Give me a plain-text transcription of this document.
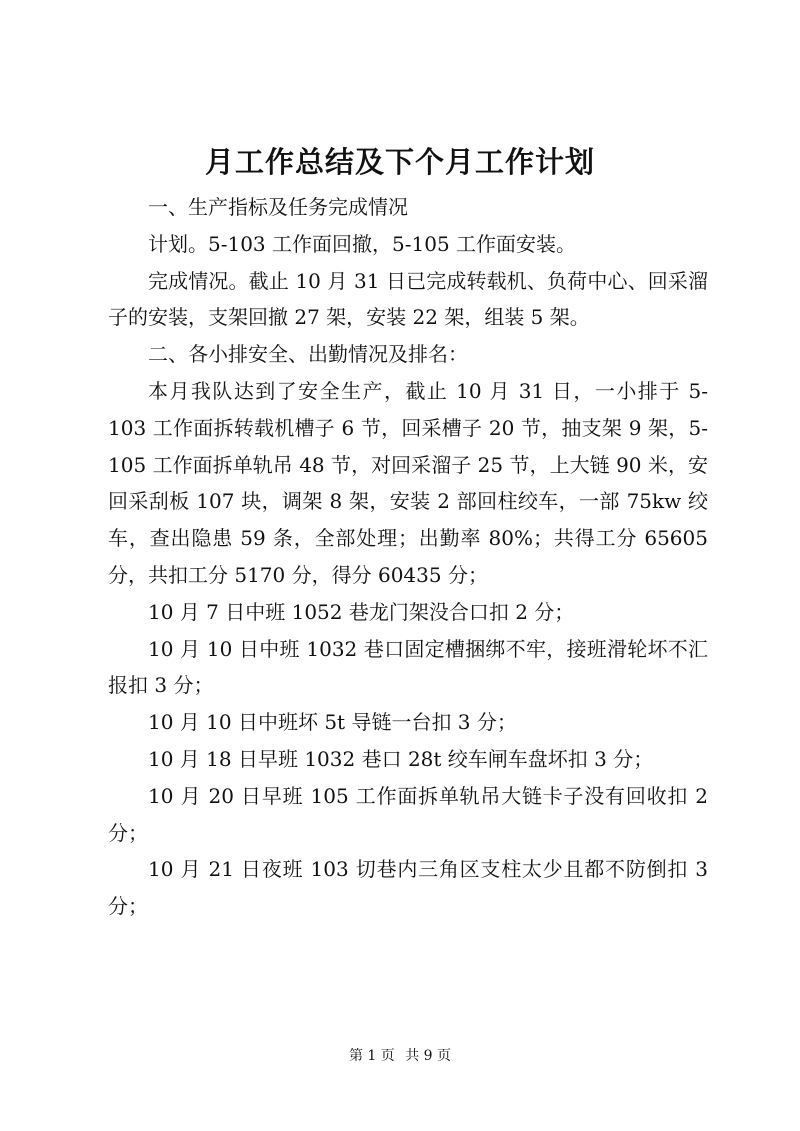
月工作总结及下个月工作计划

一、生产指标及任务完成情况

计划。5-103 工作面回撤，5-105 工作面安装。

完成情况。截止 10 月 31 日已完成转载机、负荷中心、回采溜子的安装，支架回撤 27 架，安装 22 架，组装 5 架。

二、各小排安全、出勤情况及排名：

本月我队达到了安全生产，截止 10 月 31 日，一小排于 5-103 工作面拆转载机槽子 6 节，回采槽子 20 节，抽支架 9 架，5-105 工作面拆单轨吊 48 节，对回采溜子 25 节，上大链 90 米，安回采刮板 107 块，调架 8 架，安装 2 部回柱绞车，一部 75kw 绞车，查出隐患 59 条，全部处理；出勤率 80%；共得工分 65605 分，共扣工分 5170 分，得分 60435 分；

10 月 7 日中班 1052 巷龙门架没合口扣 2 分；

10 月 10 日中班 1032 巷口固定槽捆绑不牢，接班滑轮坏不汇报扣 3 分；

10 月 10 日中班坏 5t 导链一台扣 3 分；

10 月 18 日早班 1032 巷口 28t 绞车闸车盘坏扣 3 分；

10 月 20 日早班 105 工作面拆单轨吊大链卡子没有回收扣 2 分；

10 月 21 日夜班 103 切巷内三角区支柱太少且都不防倒扣 3 分；

第 1 页 共 9 页
